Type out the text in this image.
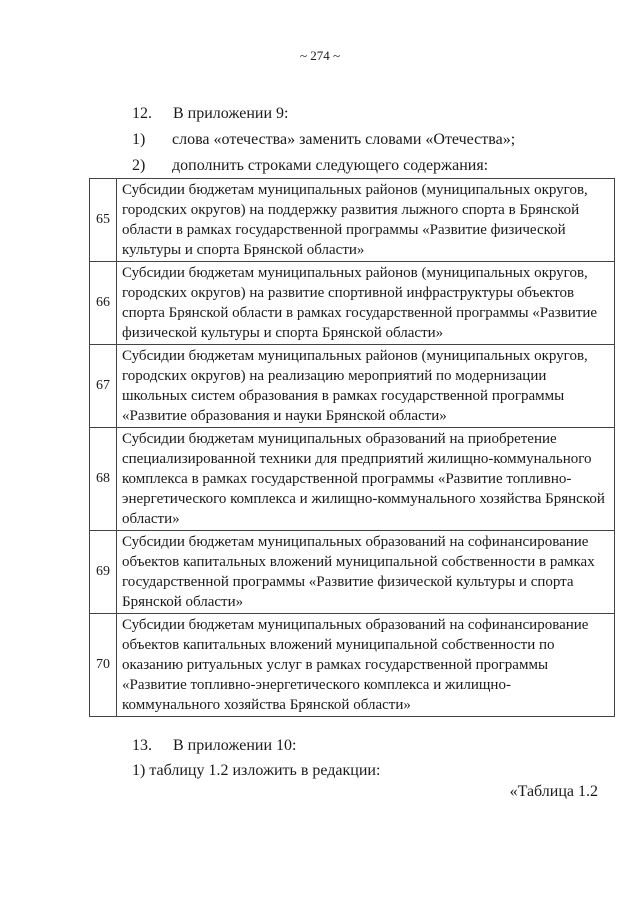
~ 274 ~
12. В приложении 9:
1) слова «отечества» заменить словами «Отечества»;
2) дополнить строками следующего содержания:
65	Субсидии бюджетам муниципальных районов (муниципальных округов, городских округов) на поддержку развития лыжного спорта в Брянской области в рамках государственной программы «Развитие физической культуры и спорта Брянской области»
66	Субсидии бюджетам муниципальных районов (муниципальных округов, городских округов) на развитие спортивной инфраструктуры объектов спорта Брянской области в рамках государственной программы «Развитие физической культуры и спорта Брянской области»
67	Субсидии бюджетам муниципальных районов (муниципальных округов, городских округов) на реализацию мероприятий по модернизации школьных систем образования в рамках государственной программы «Развитие образования и науки Брянской области»
68	Субсидии бюджетам муниципальных образований на приобретение специализированной техники для предприятий жилищно-коммунального комплекса в рамках государственной программы «Развитие топливно-энергетического комплекса и жилищно-коммунального хозяйства Брянской области»
69	Субсидии бюджетам муниципальных образований на софинансирование объектов капитальных вложений муниципальной собственности в рамках государственной программы «Развитие физической культуры и спорта Брянской области»
70	Субсидии бюджетам муниципальных образований на софинансирование объектов капитальных вложений муниципальной собственности по оказанию ритуальных услуг в рамках государственной программы «Развитие топливно-энергетического комплекса и жилищно-коммунального хозяйства Брянской области»
13. В приложении 10:
1) таблицу 1.2 изложить в редакции:
«Таблица 1.2
